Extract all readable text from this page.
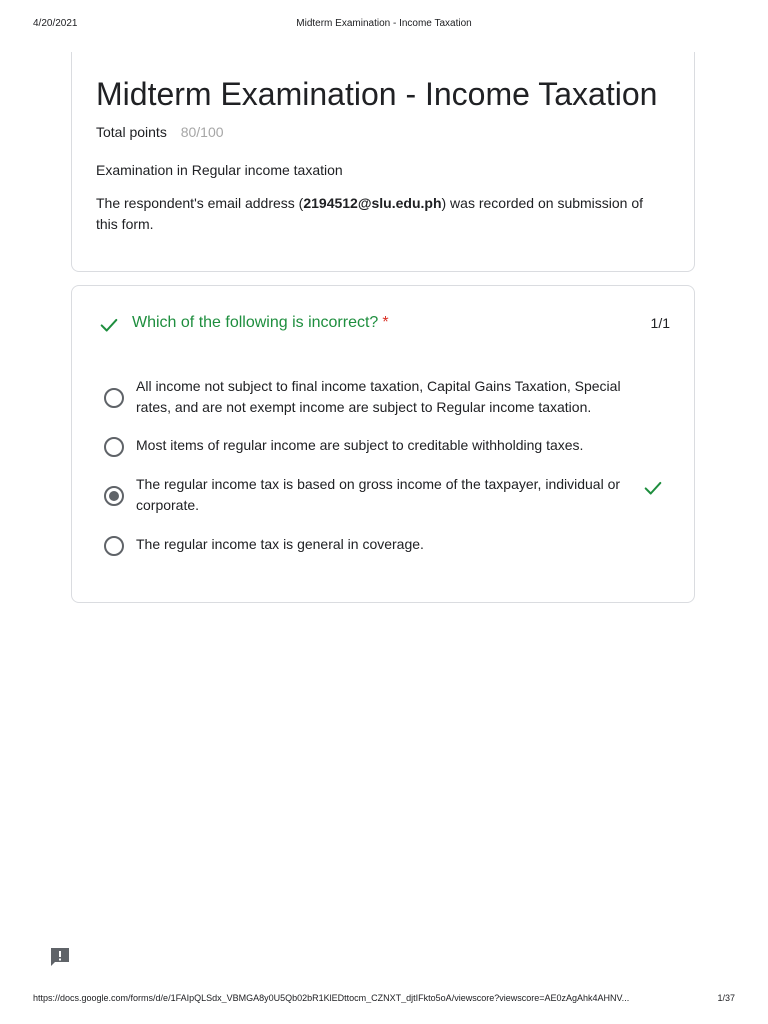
4/20/2021	Midterm Examination - Income Taxation
Midterm Examination - Income Taxation
Total points 80/100
Examination in Regular income taxation
The respondent's email address (2194512@slu.edu.ph) was recorded on submission of this form.
Which of the following is incorrect? *	1/1
All income not subject to final income taxation, Capital Gains Taxation, Special rates, and are not exempt income are subject to Regular income taxation.
Most items of regular income are subject to creditable withholding taxes.
The regular income tax is based on gross income of the taxpayer, individual or corporate.
The regular income tax is general in coverage.
https://docs.google.com/forms/d/e/1FAIpQLSdx_VBMGA8y0U5Qb02bR1KlEDttocm_CZNXT_djtIFkto5oA/viewscore?viewscore=AE0zAgAhk4AHNV...	1/37
